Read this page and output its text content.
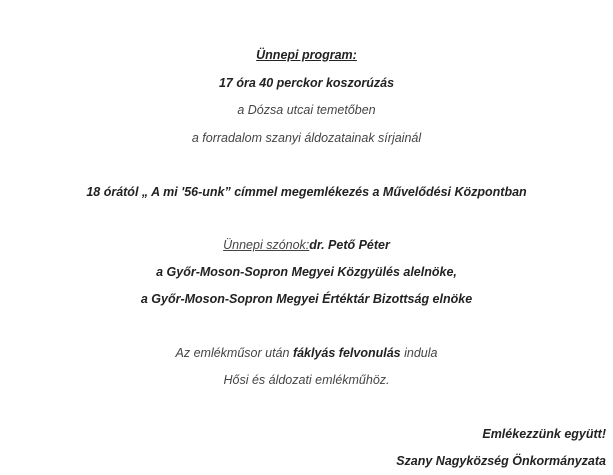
Ünnepi program:
17 óra 40 perckor koszorúzás
a Dózsa utcai temetőben
a forradalom szanyi áldozatainak sírjainál
18 órától „ A mi '56-unk” címmel megemlékezés a Művelődési Központban
Ünnepi szónok:dr. Pető Péter
a Győr-Moson-Sopron Megyei Közgyülés alelnöke,
a Győr-Moson-Sopron Megyei Értéktár Bizottság elnöke
Az emlékműsor után fáklyás felvonulás indula
Hősi és áldozati emlékműhöz.
Emlékezzünk együtt!
Szany Nagyközség Önkormányzata
